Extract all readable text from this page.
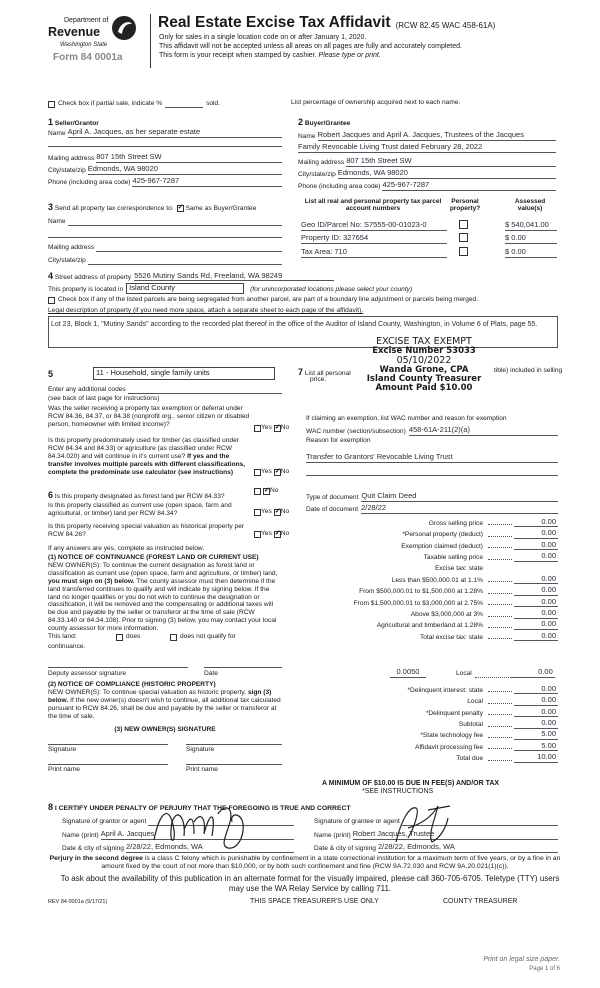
Department of
Revenue
Washington State
Form 84 0001a
Real Estate Excise Tax Affidavit (RCW 82.45 WAC 458-61A)
Only for sales in a single location code on or after January 1, 2020.
This affidavit will not be accepted unless all areas on all pages are fully and accurately completed.
This form is your receipt when stamped by cashier. Please type or print.
Check box if partial sale, indicate %	sold.	List percentage of ownership acquired next to each name.
1 Seller/Grantor
Name April A. Jacques, as her separate estate
Mailing address 807 15th Street SW
City/state/zip Edmonds, WA 98020
Phone (including area code) 425-967-7287
2 Buyer/Grantee
Name Robert Jacques and April A. Jacques, Trustees of the Jacques
Family Revocable Living Trust dated February 28, 2022
Mailing address 807 15th Street SW
City/state/zip Edmonds, WA 98020
Phone (including area code) 425-967-7287
3
Send all property tax correspondence to: ✓ Same as Buyer/Grantee
Name
Mailing address
City/state/zip
List all real and personal property tax parcel account numbers
Personal property?
Assessed value(s)
Geo ID/Parcel No: S7555-00-01023-0	$ 540,041.00
Property ID: 327654	$ 0.00
Tax Area: 710	$ 0.00
4
Street address of property 5526 Mutiny Sands Rd, Freeland, WA 98249
This property is located in Island County	(for unincorporated locations please select your county)
Check box if any of the listed parcels are being segregated from another parcel, are part of a boundary line adjustment or parcels being merged.
Legal description of property (if you need more space, attach a separate sheet to each page of the affidavit).
Lot 23, Block 1, "Mutiny Sands" according to the recorded plat thereof in the office of the Auditor of Island County, Washington, in Volume 6 of Plats, page 55.
EXCISE TAX EXEMPT
Excise Number 53033
05/10/2022
Wanda Grone, CPA
Island County Treasurer
Amount Paid $10.00
5	11 - Household, single family units
Enter any additional codes
(see back of last page for instructions)
Was the seller receiving a property tax exemption or deferral under RCW 84.36, 84.37, or 84.38 (nonprofit org., senior citizen or disabled person, homeowner with limited income)?	Yes ✓ No
Is this property predominately used for timber (as classified under RCW 84.34 and 84.33) or agriculture (as classified under RCW 84.34.020) and will continue in it's current use? If yes and the transfer involves multiple parcels with different classifications, complete the predominate use calculator (see instructions)	Yes ✓ No
6 Is this property designated as forest land per RCW 84.33?
✓
No
Is this property classified as current use (open space, farm and agricultural, or timber) land per RCW 84.34?	Yes ✓ No
Is this property receiving special valuation as historical property per RCW 84.26?	Yes ✓ No
If any answers are yes, complete as instructed below.
(1) NOTICE OF CONTINUANCE (FOREST LAND OR CURRENT USE)
NEW OWNER(S): To continue the current designation as forest land or classification as current use (open space, farm and agriculture, or timber) land, you must sign on (3) below. The county assessor must then determine if the land transferred continues to qualify and will indicate by signing below. If the land no longer qualifies or you do not wish to continue the designation or classification, it will be removed and the compensating or additional taxes will be due and payable by the seller or transferor at the time of sale (RCW 84.33.140 or 84.34.108). Prior to signing (3) below, you may contact your local county assessor for more information.
This land:	does	does not qualify for
continuance.
Deputy assessor signature	Date
(2) NOTICE OF COMPLIANCE (HISTORIC PROPERTY)
NEW OWNER(S): To continue special valuation as historic property, sign (3) below. If the new owner(s) doesn't wish to continue, all additional tax calculated pursuant to RCW 84.26, shall be due and payable by the seller or transferor at the time of sale.
(3) NEW OWNER(S) SIGNATURE
Signature	Signature
Print name	Print name
7 List all personal
price.
tible) included in selling
If claiming an exemption, list WAC number and reason for exemption
WAC number (section/subsection) 458-61A-211(2)(a)
Reason for exemption
Transfer to Grantors' Revocable Living Trust
Type of document Quit Claim Deed
Date of document 2/28/22
Gross selling price	0.00
*Personal property (deduct)	0.00
Exemption claimed (deduct)	0.00
Taxable selling price	0.00
Excise tax: state
Less than $500,000.01 at 1.1%	0.00
From $500,000.01 to $1,500,000 at 1.28%	0.00
From $1,500,000.01 to $3,000,000 at 2.75%	0.00
Above $3,000,000 at 3%	0.00
Agricultural and timberland at 1.28%	0.00
Total excise tax: state	0.00
0.0050	Local	0.00
*Delinquent interest: state	0.00
Local	0.00
*Delinquent penalty	0.00
Subtotal	0.00
*State technology fee	5.00
Affidavit processing fee	5.00
Total due	10.00
A MINIMUM OF $10.00 IS DUE IN FEE(S) AND/OR TAX
*SEE INSTRUCTIONS
8 I CERTIFY UNDER PENALTY OF PERJURY THAT THE FOREGOING IS TRUE AND CORRECT
Signature of grantor or agent
Name (print) April A. Jacques
Date & city of signing 2/28/22, Edmonds, WA
Signature of grantee or agent
Name (print) Robert Jacques, Trustee
Date & city of signing 2/28/22, Edmonds, WA
Perjury in the second degree is a class C felony which is punishable by confinement in a state correctional institution for a maximum term of five years, or by a fine in an amount fixed by the court of not more than $10,000, or by both such confinement and fine (RCW 9A.72.030 and RCW 9A.20.021(1)(c)).
To ask about the availability of this publication in an alternate format for the visually impaired, please call 360-705-6705. Teletype (TTY) users may use the WA Relay Service by calling 711.
REV 84 0001a (9/17/21)	THIS SPACE TREASURER'S USE ONLY	COUNTY TREASURER
Print on legal size paper.
Page 1 of 6
